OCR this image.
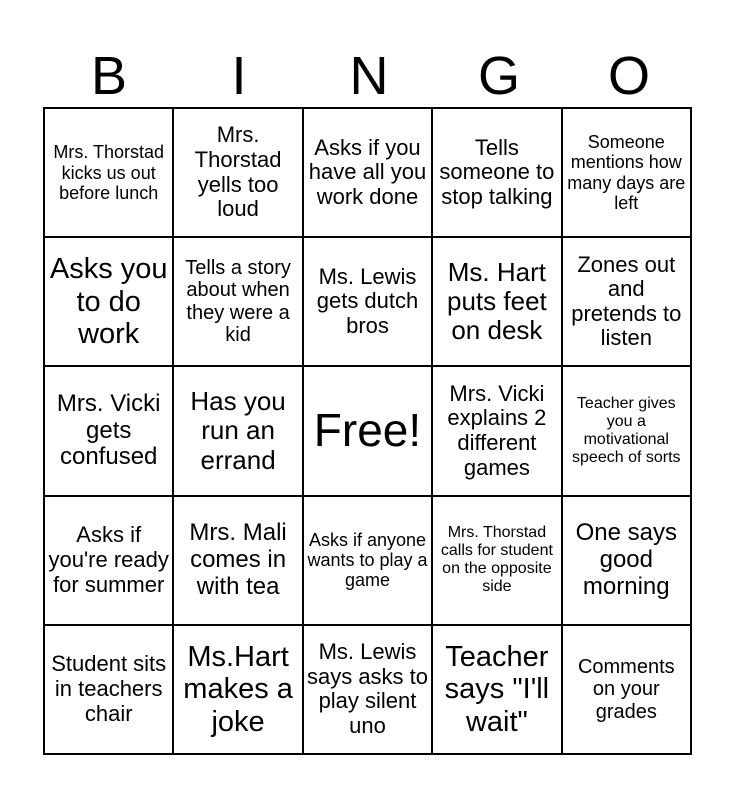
B	I	N	G	O
Mrs. Thorstad kicks us out before lunch
Mrs. Thorstad yells too loud
Asks if you have all you work done
Tells someone to stop talking
Someone mentions how many days are left
Asks you to do work
Tells a story about when they were a kid
Ms. Lewis gets dutch bros
Ms. Hart puts feet on desk
Zones out and pretends to listen
Mrs. Vicki gets confused
Has you run an errand
Free!
Mrs. Vicki explains 2 different games
Teacher gives you a motivational speech of sorts
Asks if you're ready for summer
Mrs. Mali comes in with tea
Asks if anyone wants to play a game
Mrs. Thorstad calls for student on the opposite side
One says good morning
Student sits in teachers chair
Ms.Hart makes a joke
Ms. Lewis says asks to play silent uno
Teacher says "I'll wait"
Comments on your grades
